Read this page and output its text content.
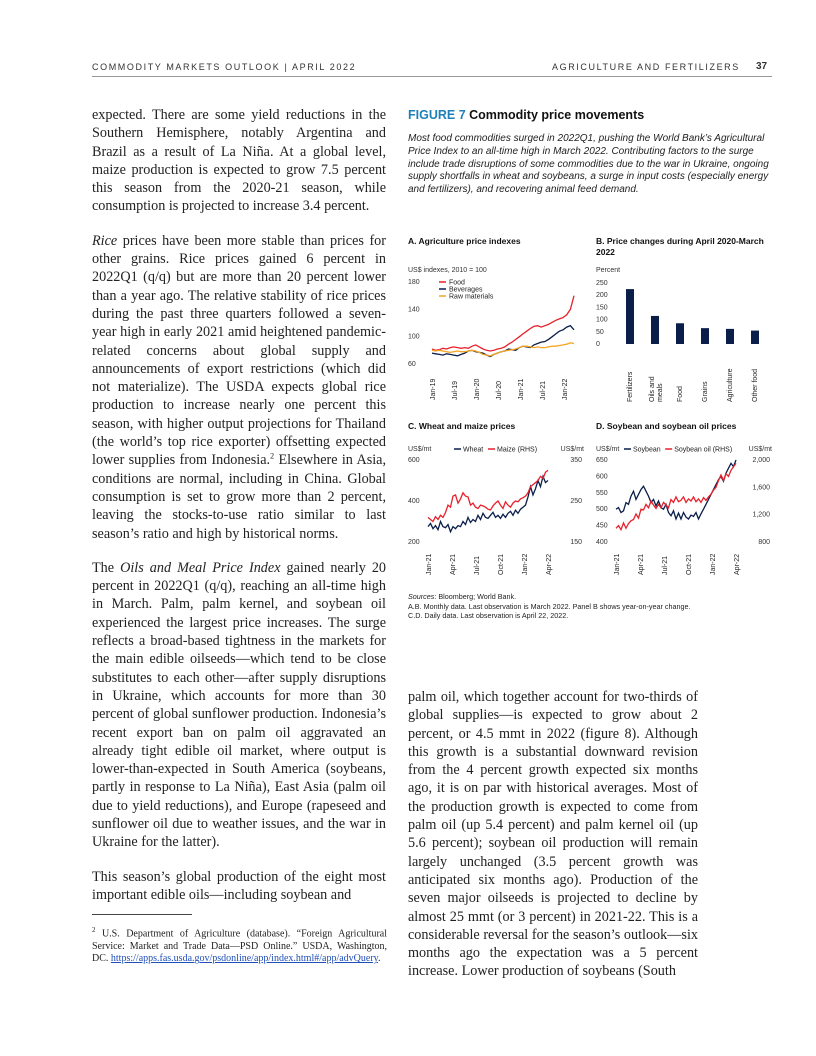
COMMODITY MARKETS OUTLOOK | APRIL 2022	AGRICULTURE AND FERTILIZERS 37

expected. There are some yield reductions in the Southern Hemisphere, notably Argentina and Brazil as a result of La Niña. At a global level, maize production is expected to grow 7.5 percent this season from the 2020-21 season, while consumption is projected to increase 3.4 percent.

Rice prices have been more stable than prices for other grains. Rice prices gained 6 percent in 2022Q1 (q/q) but are more than 20 percent lower than a year ago. The relative stability of rice prices during the past three quarters followed a seven-year high in early 2021 amid heightened pandemic-related concerns about global supply and announcements of export restrictions (which did not materialize). The USDA expects global rice production to increase nearly one percent this season, with higher output projections for Thailand (the world’s top rice exporter) offsetting expected lower supplies from Indonesia.$^2$ Elsewhere in Asia, conditions are normal, including in China. Global consumption is set to grow more than 2 percent, leaving the stocks-to-use ratio similar to last season’s ratio and high by historical norms.

The Oils and Meal Price Index gained nearly 20 percent in 2022Q1 (q/q), reaching an all-time high in March. Palm, palm kernel, and soybean oil experienced the largest price increases. The surge reflects a broad-based tightness in the markets for the main edible oilseeds—which tend to be close substitutes to each other—after supply disruptions in Ukraine, which accounts for more than 30 percent of global sunflower production. Indonesia’s recent export ban on palm oil aggravated an already tight edible oil market, where output is lower-than-expected in South America (soybeans, partly in response to La Niña), East Asia (palm oil due to yield reductions), and Europe (rapeseed and sunflower oil due to weather issues, and the war in Ukraine for the latter).

This season’s global production of the eight most important edible oils—including soybean and

$^2$ U.S. Department of Agriculture (database). “Foreign Agricultural Service: Market and Trade Data—PSD Online.” USDA, Washington, DC. https://apps.fas.usda.gov/psdonline/app/index.html#/app/advQuery.
FIGURE 7 Commodity price movements
Most food commodities surged in 2022Q1, pushing the World Bank’s Agricultural Price Index to an all-time high in March 2022. Contributing factors to the surge include trade disruptions of some commodities due to the war in Ukraine, ongoing supply shortfalls in wheat and soybeans, a surge in input costs (especially energy and fertilizers), and recovering animal feed demand.
A. Agriculture price indexes	B. Price changes during April 2020-March 2022
C. Wheat and maize prices	D. Soybean and soybean oil prices
US$ indexes, 2010 = 100
60
100
140
180	Food
Beverages
Raw materials
Jan-19 Jul-19 Jan-20 Jul-20 Jan-21 Jul-21 Jan-22
Percent
0
50
100
150
200
250
Fertilizers Oils and meals Food	Grains	Agriculture	Other food
US$/mt	US$/mt
200
400
600
150
250
350
Wheat Maize (RHS)
Jan-21 Apr-21 Jul-21 Oct-21 Jan-22 Apr-22
US$/mt	US$/mt
400
450
500
550
600
650
800
1,200
1,600
2,000
Soybean Soybean oil (RHS)
Jan-21 Apr-21 Jul-21 Oct-21 Jan-22 Apr-22
Sources: Bloomberg; World Bank.
A.B. Monthly data. Last observation is March 2022. Panel B shows year-on-year change.
C.D. Daily data. Last observation is April 22, 2022.

palm oil, which together account for two-thirds of global supplies—is expected to grow about 2 percent, or 4.5 mmt in 2022 (figure 8). Although this growth is a substantial downward revision from the 4 percent growth expected six months ago, it is on par with historical averages. Most of the production growth is expected to come from palm oil (up 5.4 percent) and palm kernel oil (up 5.6 percent); soybean oil production will remain largely unchanged (3.5 percent growth was anticipated six months ago). Production of the seven major oilseeds is projected to decline by almost 25 mmt (or 3 percent) in 2021-22. This is a considerable reversal for the season’s outlook—six months ago the expectation was a 5 percent increase. Lower production of soybeans (South
